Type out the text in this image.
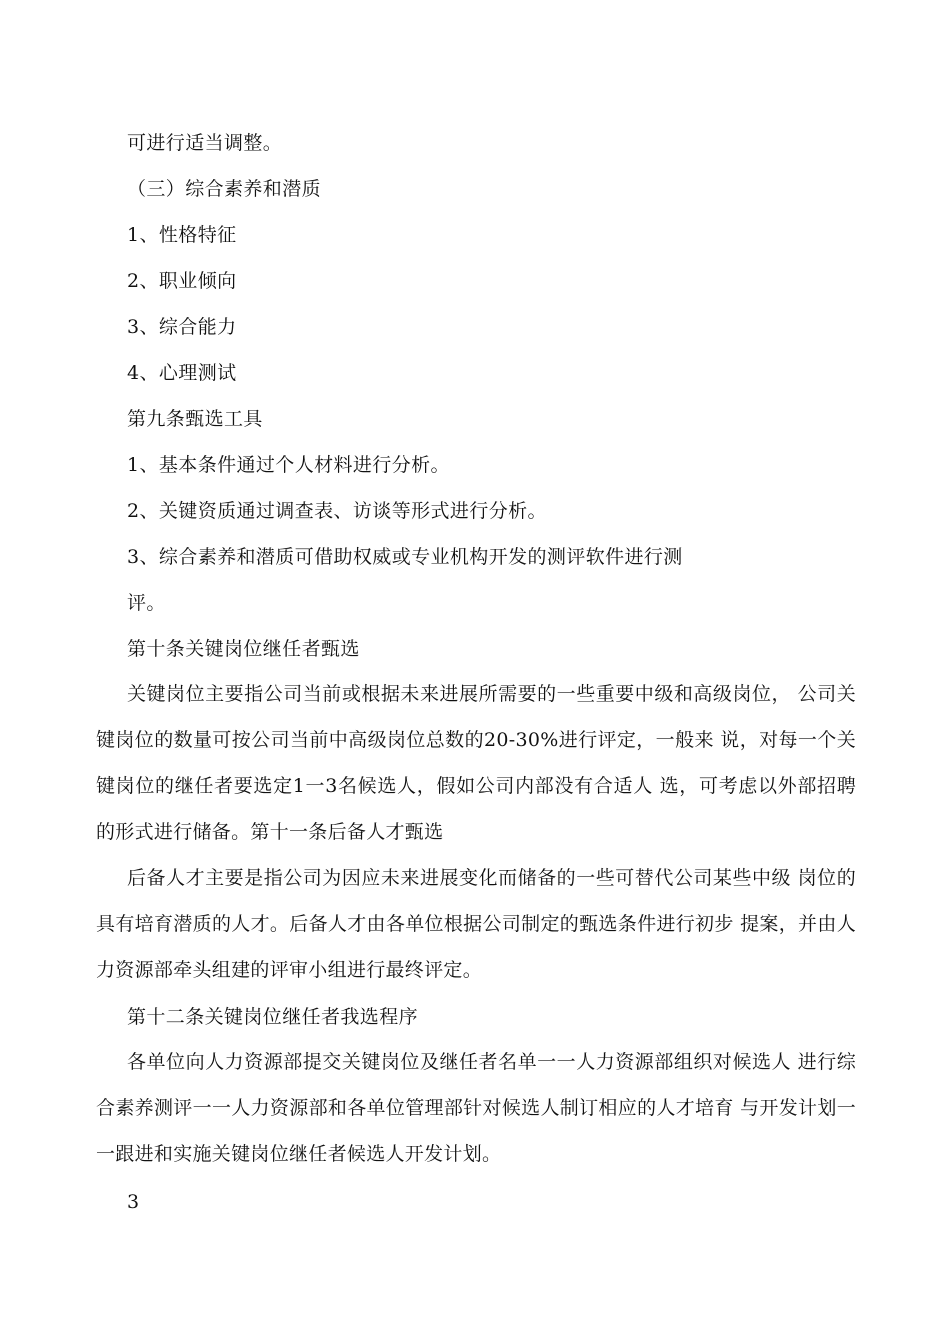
可进行适当调整。
（三）综合素养和潜质
1、性格特征
2、职业倾向
3、综合能力
4、心理测试
第九条甄选工具
1、基本条件通过个人材料进行分析。
2、关键资质通过调查表、访谈等形式进行分析。
3、综合素养和潜质可借助权威或专业机构开发的测评软件进行测
评。
第十条关键岗位继任者甄选

关键岗位主要指公司当前或根据未来进展所需要的一些重要中级和高级岗位， 公司关键岗位的数量可按公司当前中高级岗位总数的20-30%进行评定，一般来 说，对每一个关键岗位的继任者要选定1一3名候选人，假如公司内部没有合适人 选，可考虑以外部招聘的形式进行储备。第十一条后备人才甄选

后备人才主要是指公司为因应未来进展变化而储备的一些可替代公司某些中级 岗位的具有培育潜质的人才。后备人才由各单位根据公司制定的甄选条件进行初步 提案，并由人力资源部牵头组建的评审小组进行最终评定。

第十二条关键岗位继任者我选程序

各单位向人力资源部提交关键岗位及继任者名单一一人力资源部组织对候选人 进行综合素养测评一一人力资源部和各单位管理部针对候选人制订相应的人才培育 与开发计划一一跟进和实施关键岗位继任者候选人开发计划。

3
